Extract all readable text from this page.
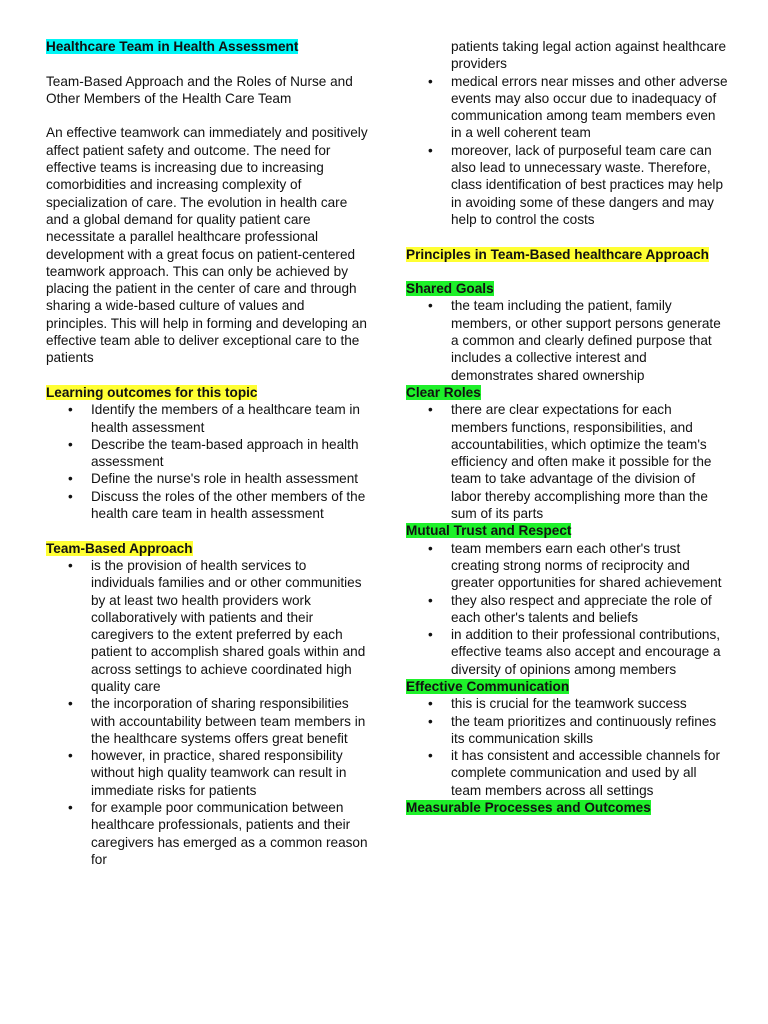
Healthcare Team in Health Assessment

Team-Based Approach and the Roles of Nurse and Other Members of the Health Care Team

An effective teamwork can immediately and positively affect patient safety and outcome. The need for effective teams is increasing due to increasing comorbidities and increasing complexity of specialization of care. The evolution in health care and a global demand for quality patient care necessitate a parallel healthcare professional development with a great focus on patient-centered teamwork approach. This can only be achieved by placing the patient in the center of care and through sharing a wide-based culture of values and principles. This will help in forming and developing an effective team able to deliver exceptional care to the patients

Learning outcomes for this topic

• Identify the members of a healthcare team in health assessment
• Describe the team-based approach in health assessment
• Define the nurse's role in health assessment
• Discuss the roles of the other members of the health care team in health assessment

Team-Based Approach

• is the provision of health services to individuals families and or other communities by at least two health providers work collaboratively with patients and their caregivers to the extent preferred by each patient to accomplish shared goals within and across settings to achieve coordinated high quality care
• the incorporation of sharing responsibilities with accountability between team members in the healthcare systems offers great benefit
• however, in practice, shared responsibility without high quality teamwork can result in immediate risks for patients
• for example poor communication between healthcare professionals, patients and their caregivers has emerged as a common reason for

patients taking legal action against healthcare providers

• medical errors near misses and other adverse events may also occur due to inadequacy of communication among team members even in a well coherent team
• moreover, lack of purposeful team care can also lead to unnecessary waste. Therefore, class identification of best practices may help in avoiding some of these dangers and may help to control the costs

Principles in Team-Based healthcare Approach

Shared Goals

• the team including the patient, family members, or other support persons generate a common and clearly defined purpose that includes a collective interest and demonstrates shared ownership

Clear Roles

• there are clear expectations for each members functions, responsibilities, and accountabilities, which optimize the team's efficiency and often make it possible for the team to take advantage of the division of labor thereby accomplishing more than the sum of its parts

Mutual Trust and Respect

• team members earn each other's trust creating strong norms of reciprocity and greater opportunities for shared achievement
• they also respect and appreciate the role of each other's talents and beliefs
• in addition to their professional contributions, effective teams also accept and encourage a diversity of opinions among members

Effective Communication

• this is crucial for the teamwork success
• the team prioritizes and continuously refines its communication skills
• it has consistent and accessible channels for complete communication and used by all team members across all settings

Measurable Processes and Outcomes
